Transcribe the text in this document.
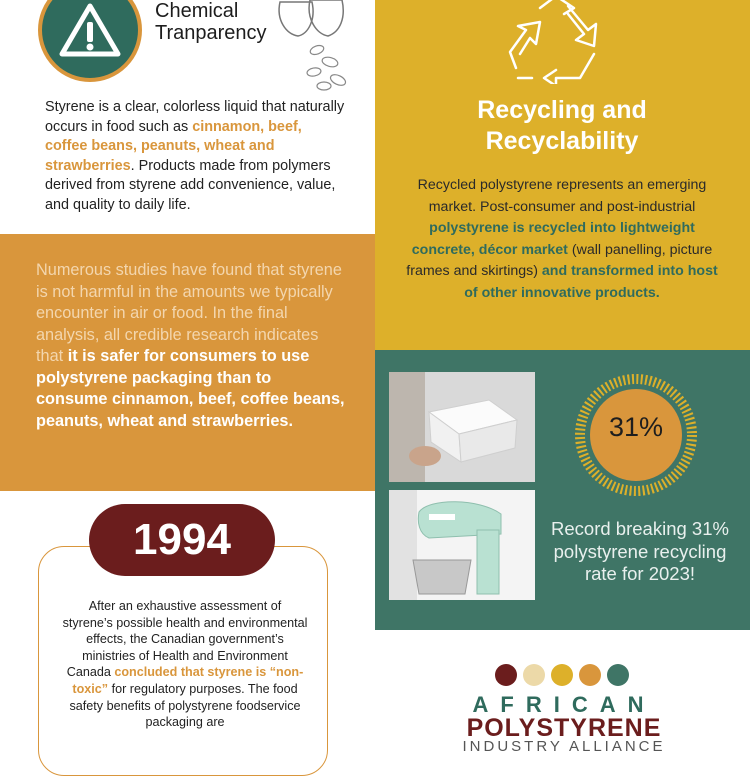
Chemical
Tranparency
Styrene is a clear, colorless liquid that naturally occurs in food such as cinnamon, beef, coffee beans, peanuts, wheat and strawberries. Products made from polymers derived from styrene add convenience, value, and quality to daily life.
Numerous studies have found that styrene is not harmful in the amounts we typically encounter in air or food. In the final analysis, all credible research indicates that it is safer for consumers to use polystyrene packaging than to consume cinnamon, beef, coffee beans, peanuts, wheat and strawberries.
1994
After an exhaustive assessment of styrene’s possible health and environmental effects, the Canadian government’s ministries of Health and Environment Canada concluded that styrene is “non-toxic” for regulatory purposes. The food safety benefits of polystyrene foodservice packaging are
Recycling and
Recyclability
Recycled polystyrene represents an emerging market. Post-consumer and post-industrial polystyrene is recycled into lightweight concrete, décor market (wall panelling, picture frames and skirtings) and transformed into host of other innovative products.
31%
Record breaking 31% polystyrene recycling rate for 2023!
AFRICAN
POLYSTYRENE
INDUSTRY ALLIANCE
